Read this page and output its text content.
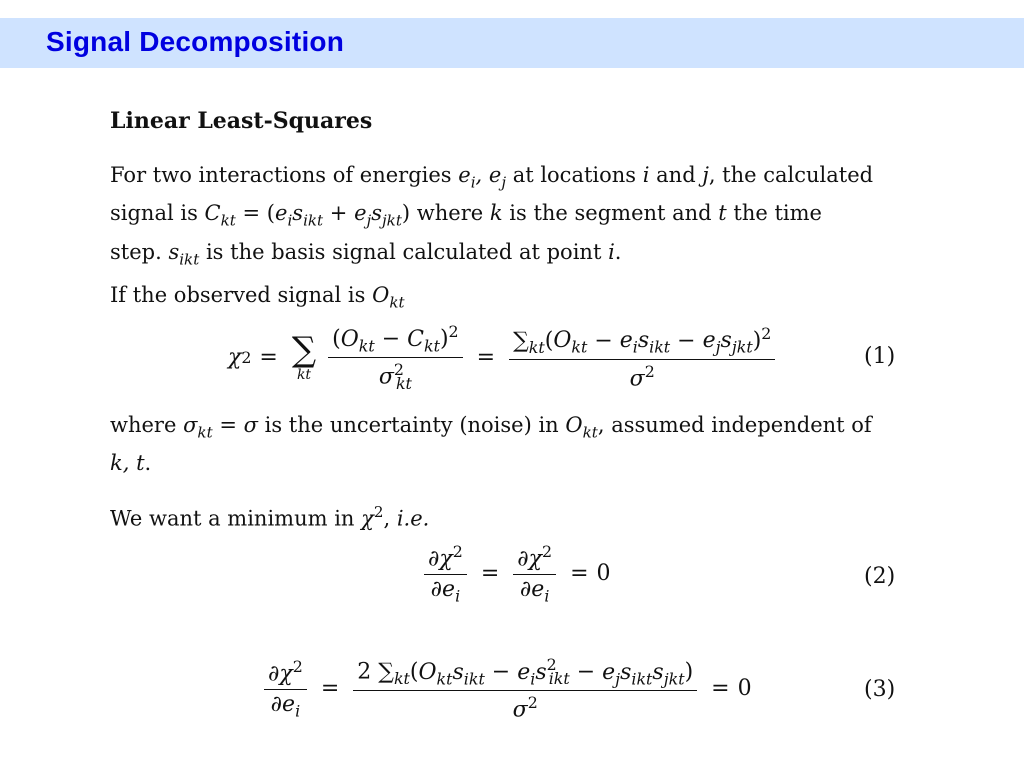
Signal Decomposition
Linear Least-Squares
For two interactions of energies $e_i$, $e_j$ at locations i and j, the calculated
signal is $C_{kt} = (e_is_{ikt} + e_js_{jkt})$ where k is the segment and t the time
step. $s_{ikt}$ is the basis signal calculated at point i.
If the observed signal is $O_{kt}$
χ 2 = ∑
kt $\frac{(O_{kt} - C_{kt})^2}{\sigma^2_{kt}} = \frac{\sum_{kt}(O_{kt} - e_is_{ikt} - e_js_{jkt})^2}{\sigma^2}$	(1)
where $\sigma_{kt} = \sigma$ is the uncertainty (noise) in $O_{kt}$, assumed independent of
k, t.
We want a minimum in $\chi^2$, i.e.
$\frac{\partial\chi^2}{\partial e_i} = \frac{\partial\chi^2}{\partial e_i} = 0$	(2)
$\frac{\partial\chi^2}{\partial e_i} = \frac{2 \sum_{kt}(O_{kt}s_{ikt} - e_is^2_{ikt} - e_js_{ikt}s_{jkt})}{\sigma^2} = 0$	(3)
